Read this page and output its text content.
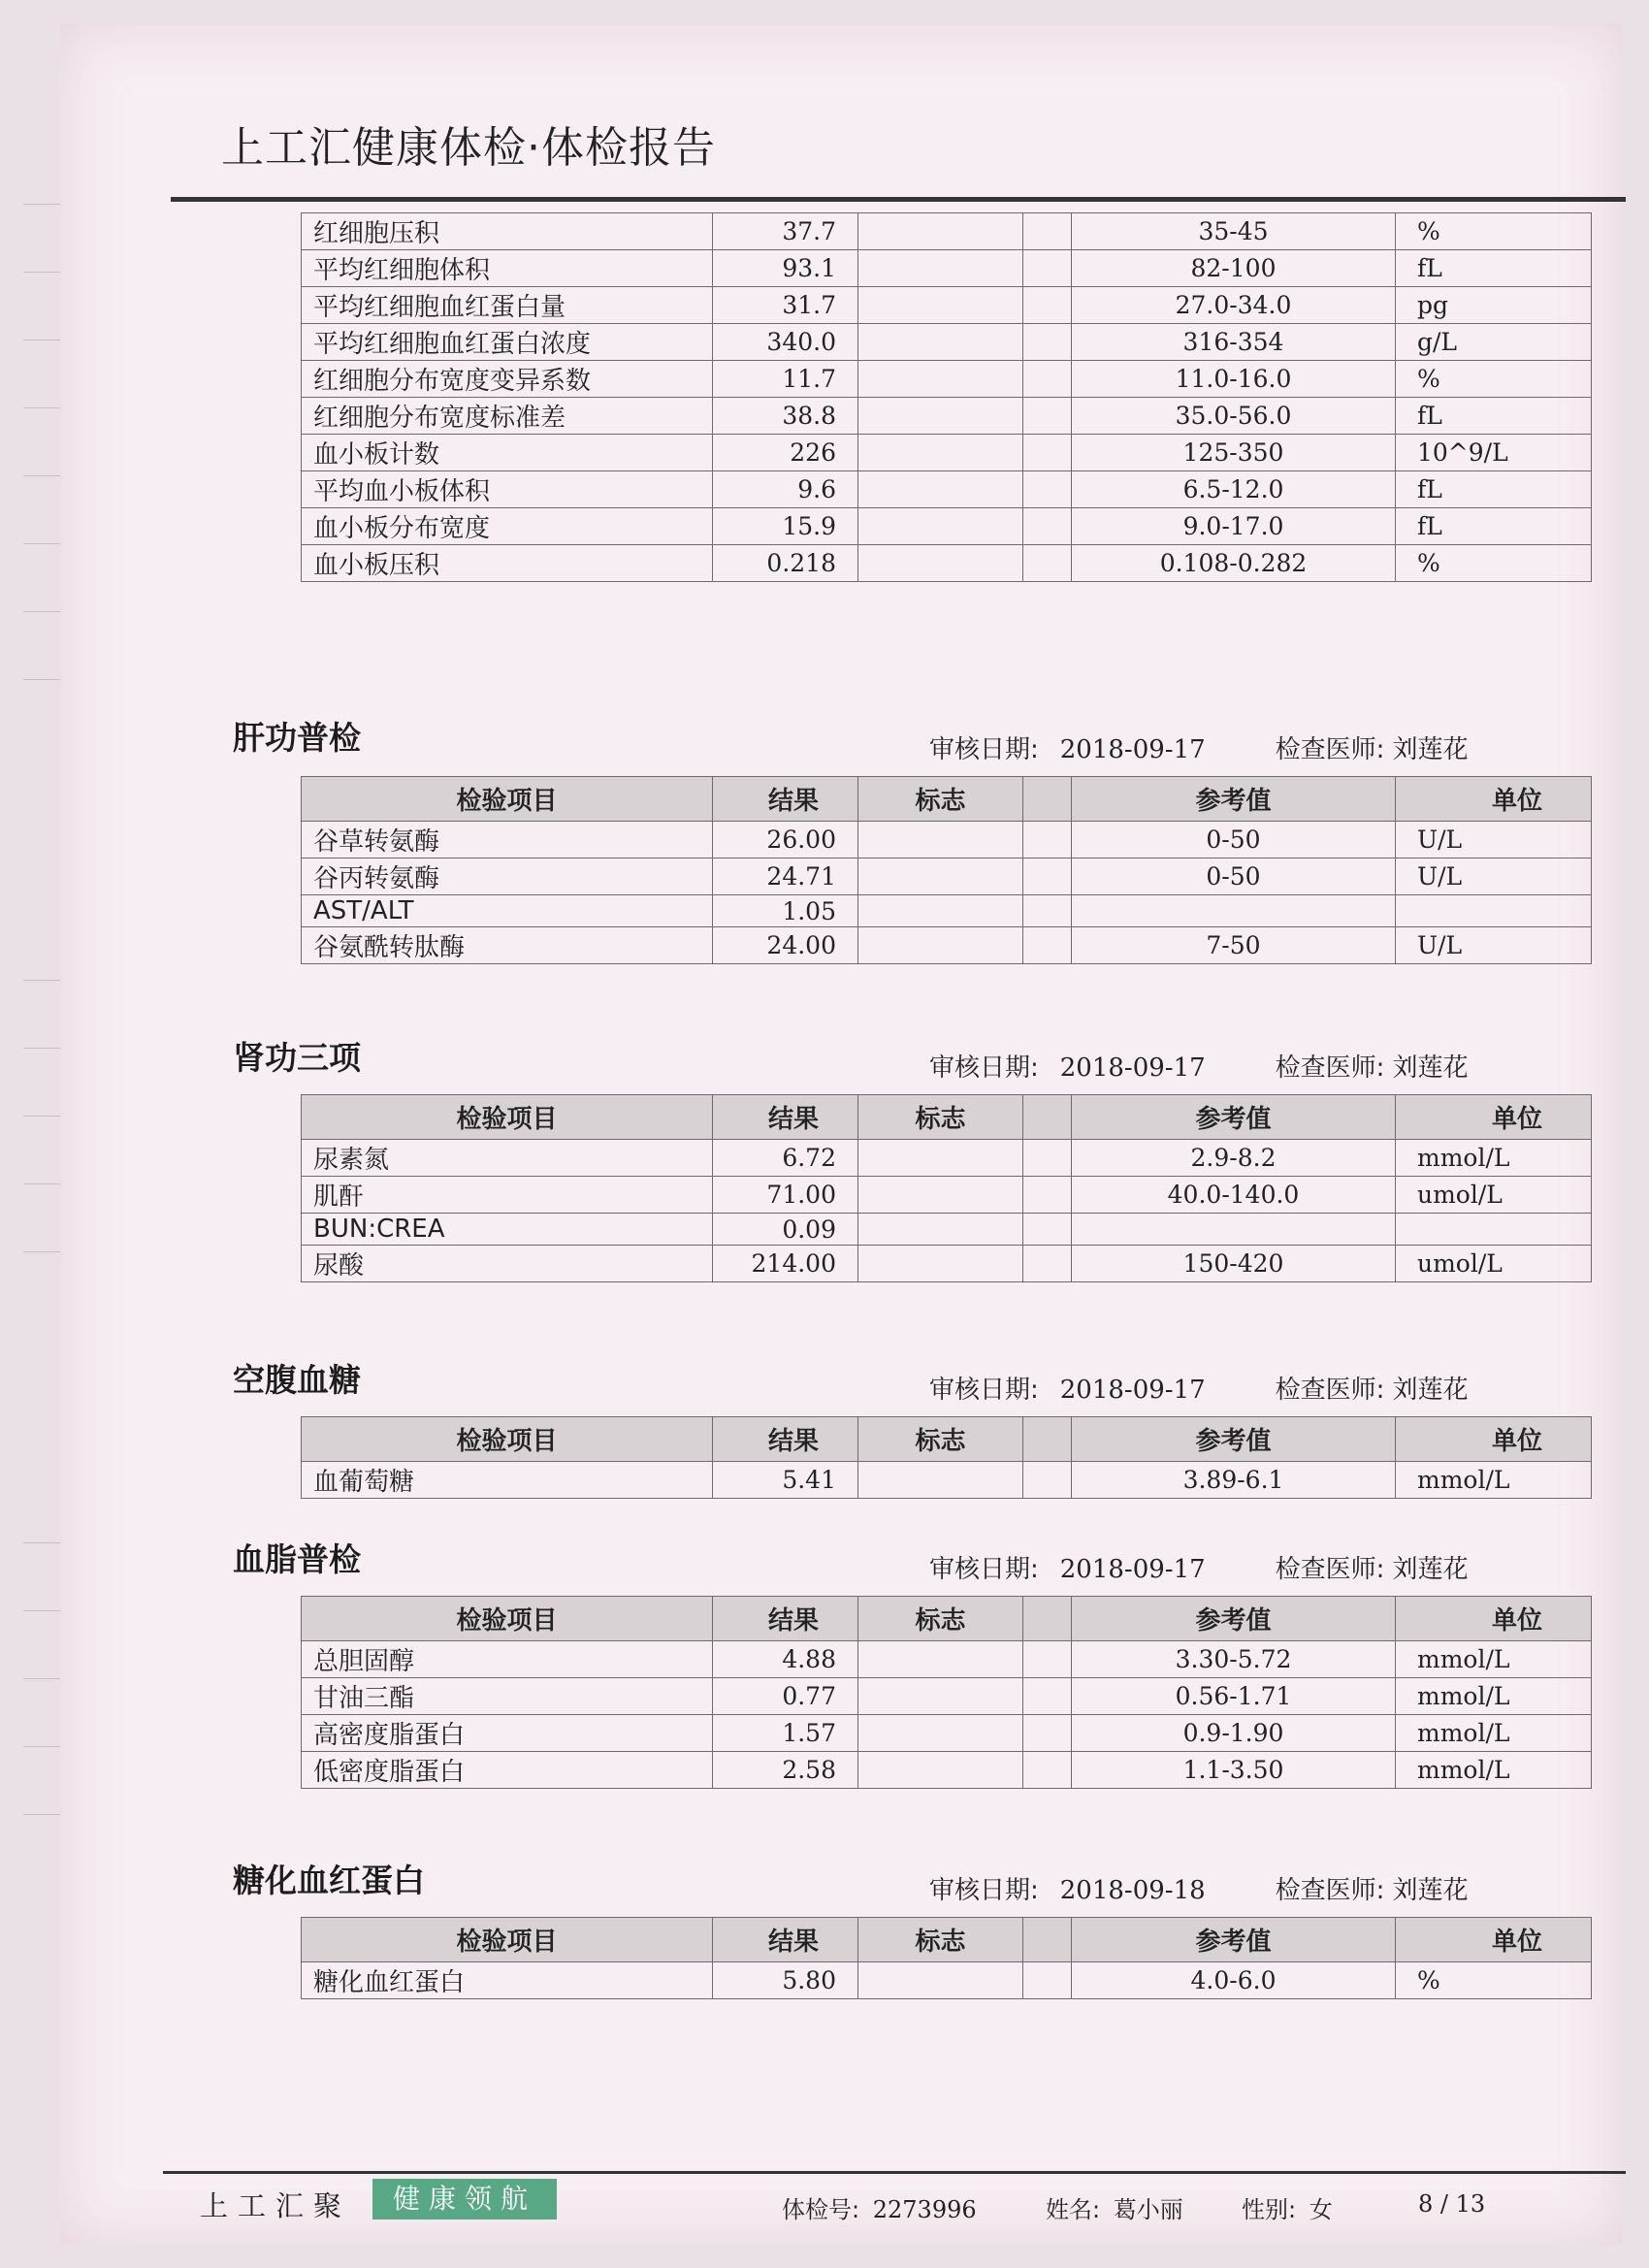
上工汇健康体检·体检报告
红细胞压积	37.7			35-45	%
平均红细胞体积	93.1			82-100	fL
平均红细胞血红蛋白量	31.7			27.0-34.0	pg
平均红细胞血红蛋白浓度	340.0			316-354	g/L
红细胞分布宽度变异系数	11.7			11.0-16.0	%
红细胞分布宽度标准差	38.8			35.0-56.0	fL
血小板计数	226			125-350	10^9/L
平均血小板体积	9.6			6.5-12.0	fL
血小板分布宽度	15.9			9.0-17.0	fL
血小板压积	0.218			0.108-0.282	%
肝功普检	审核日期: 2018-09-17	检查医师: 刘莲花
检验项目	结果	标志		参考值	单位
谷草转氨酶	26.00			0-50	U/L
谷丙转氨酶	24.71			0-50	U/L
AST/ALT	1.05				
谷氨酰转肽酶	24.00			7-50	U/L
肾功三项	审核日期: 2018-09-17	检查医师: 刘莲花
检验项目	结果	标志		参考值	单位
尿素氮	6.72			2.9-8.2	mmol/L
肌酐	71.00			40.0-140.0	umol/L
BUN:CREA	0.09				
尿酸	214.00			150-420	umol/L
空腹血糖	审核日期: 2018-09-17	检查医师: 刘莲花
检验项目	结果	标志		参考值	单位
血葡萄糖	5.41			3.89-6.1	mmol/L
血脂普检	审核日期: 2018-09-17	检查医师: 刘莲花
检验项目	结果	标志		参考值	单位
总胆固醇	4.88			3.30-5.72	mmol/L
甘油三酯	0.77			0.56-1.71	mmol/L
高密度脂蛋白	1.57			0.9-1.90	mmol/L
低密度脂蛋白	2.58			1.1-3.50	mmol/L
糖化血红蛋白	审核日期: 2018-09-18	检查医师: 刘莲花
检验项目	结果	标志		参考值	单位
糖化血红蛋白	5.80			4.0-6.0	%
上工汇聚	健康领航	体检号: 2273996	姓名: 葛小丽	性别: 女	8 / 13
